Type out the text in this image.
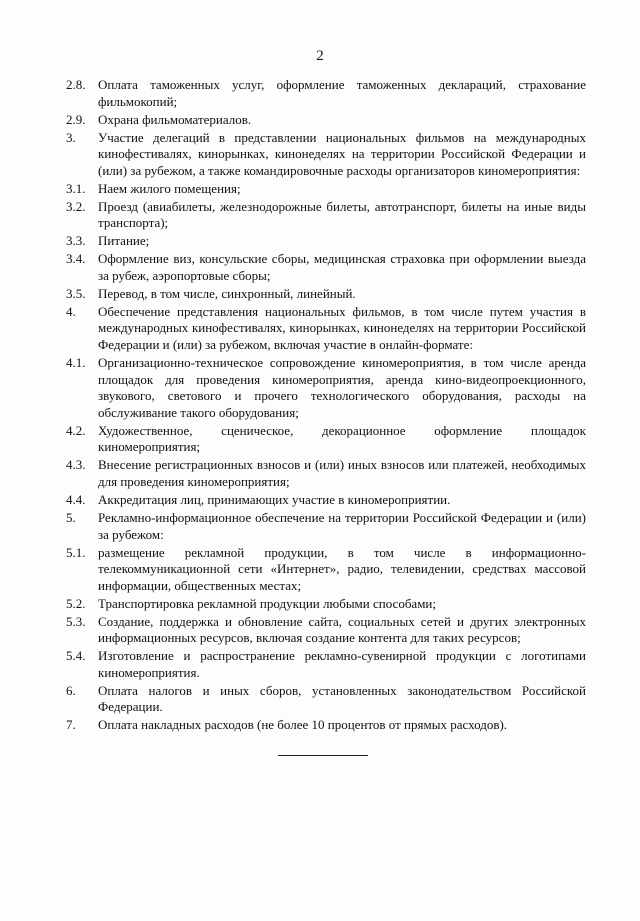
2
2.8. Оплата таможенных услуг, оформление таможенных деклараций, страхование фильмокопий;
2.9. Охрана фильмоматериалов.
3.	Участие делегаций в представлении национальных фильмов на международных кинофестивалях, кинорынках, кинонеделях на территории Российской Федерации и (или) за рубежом, а также командировочные расходы организаторов киномероприятия:
3.1. Наем жилого помещения;
3.2. Проезд (авиабилеты, железнодорожные билеты, автотранспорт, билеты на иные виды транспорта);
3.3. Питание;
3.4. Оформление виз, консульские сборы, медицинская страховка при оформлении выезда за рубеж, аэропортовые сборы;
3.5. Перевод, в том числе, синхронный, линейный.
4.	Обеспечение представления национальных фильмов, в том числе путем участия в международных кинофестивалях, кинорынках, кинонеделях на территории Российской Федерации и (или) за рубежом, включая участие в онлайн-формате:
4.1. Организационно-техническое сопровождение киномероприятия, в том числе аренда площадок для проведения киномероприятия, аренда кино-видеопроекционного, звукового, светового и прочего технологического оборудования, расходы на обслуживание такого оборудования;
4.2. Художественное, сценическое, декорационное оформление площадок киномероприятия;
4.3. Внесение регистрационных взносов и (или) иных взносов или платежей, необходимых для проведения киномероприятия;
4.4. Аккредитация лиц, принимающих участие в киномероприятии.
5.	Рекламно-информационное обеспечение на территории Российской Федерации и (или) за рубежом:
5.1. размещение рекламной продукции, в том числе в информационно-телекоммуникационной сети «Интернет», радио, телевидении, средствах массовой информации, общественных местах;
5.2. Транспортировка рекламной продукции любыми способами;
5.3. Создание, поддержка и обновление сайта, социальных сетей и других электронных информационных ресурсов, включая создание контента для таких ресурсов;
5.4. Изготовление и распространение рекламно-сувенирной продукции с логотипами киномероприятия.
6.	Оплата налогов и иных сборов, установленных законодательством Российской Федерации.
7.	Оплата накладных расходов (не более 10 процентов от прямых расходов).
